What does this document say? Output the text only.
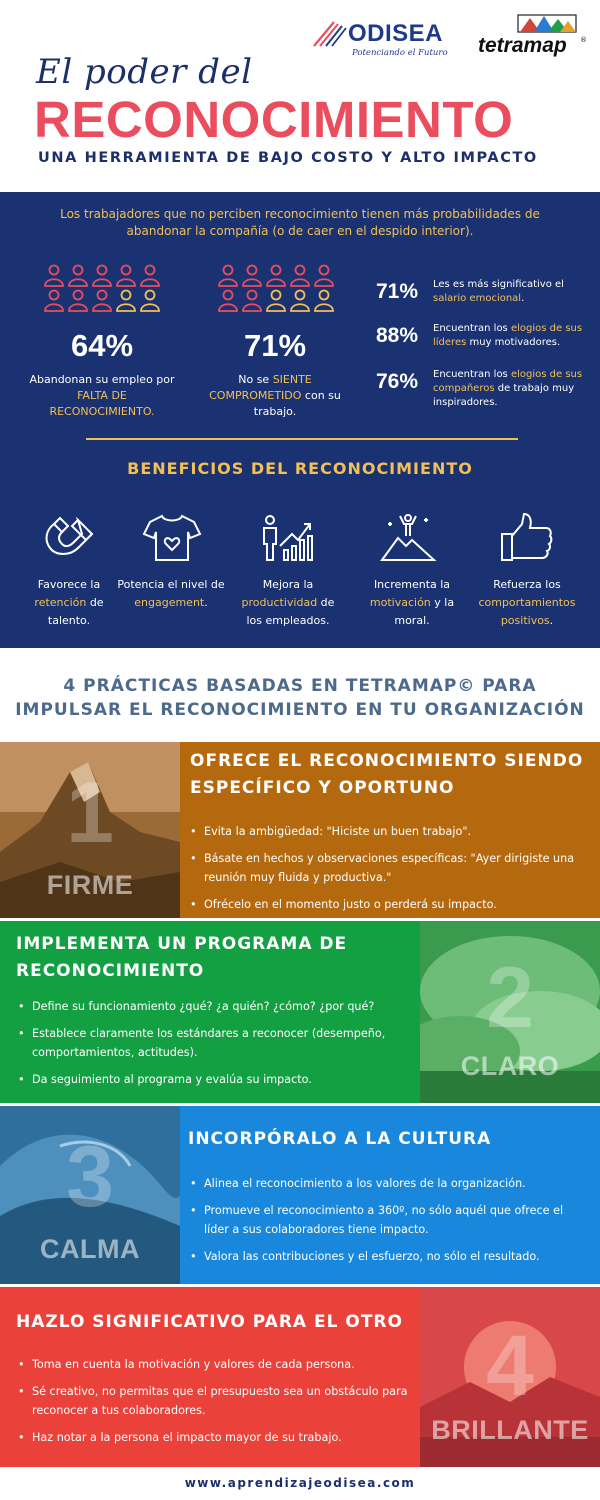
ODISEA
Potenciando el Futuro tetramap ®
El poder del
RECONOCIMIENTO
UNA HERRAMIENTA DE BAJO COSTO Y ALTO IMPACTO
Los trabajadores que no perciben reconocimiento tienen más probabilidades de abandonar la compañía (o de caer en el despido interior).
64%
Abandonan su empleo por FALTA DE RECONOCIMIENTO.
71%
No se SIENTE COMPROMETIDO con su trabajo.
71% Les es más significativo el salario emocional.
88% Encuentran los elogios de sus líderes muy motivadores.
76% Encuentran los elogios de sus compañeros de trabajo muy inspiradores.
BENEFICIOS DEL RECONOCIMIENTO
Favorece la retención de talento.
Potencia el nivel de engagement.
Mejora la productividad de los empleados.
Incrementa la motivación y la moral.
Refuerza los comportamientos positivos.
4 PRÁCTICAS BASADAS EN TETRAMAP© PARA
IMPULSAR EL RECONOCIMIENTO EN TU ORGANIZACIÓN
1
FIRME
OFRECE EL RECONOCIMIENTO SIENDO
ESPECÍFICO Y OPORTUNO
• Evita la ambigüedad: "Hiciste un buen trabajo".
• Básate en hechos y observaciones específicas: "Ayer dirigiste una reunión muy fluida y productiva."
• Ofrécelo en el momento justo o perderá su impacto.
IMPLEMENTA UN PROGRAMA DE
RECONOCIMIENTO
• Define su funcionamiento ¿qué? ¿a quién? ¿cómo? ¿por qué?
• Establece claramente los estándares a reconocer (desempeño, comportamientos, actitudes).
• Da seguimiento al programa y evalúa su impacto.
2
CLARO
3
CALMA
INCORPÓRALO A LA CULTURA
• Alinea el reconocimiento a los valores de la organización.
• Promueve el reconocimiento a 360º, no sólo aquél que ofrece el líder a sus colaboradores tiene impacto.
• Valora las contribuciones y el esfuerzo, no sólo el resultado.
HAZLO SIGNIFICATIVO PARA EL OTRO
• Toma en cuenta la motivación y valores de cada persona.
• Sé creativo, no permitas que el presupuesto sea un obstáculo para reconocer a tus colaboradores.
• Haz notar a la persona el impacto mayor de su trabajo.
4
BRILLANTE
www.aprendizajeodisea.com
